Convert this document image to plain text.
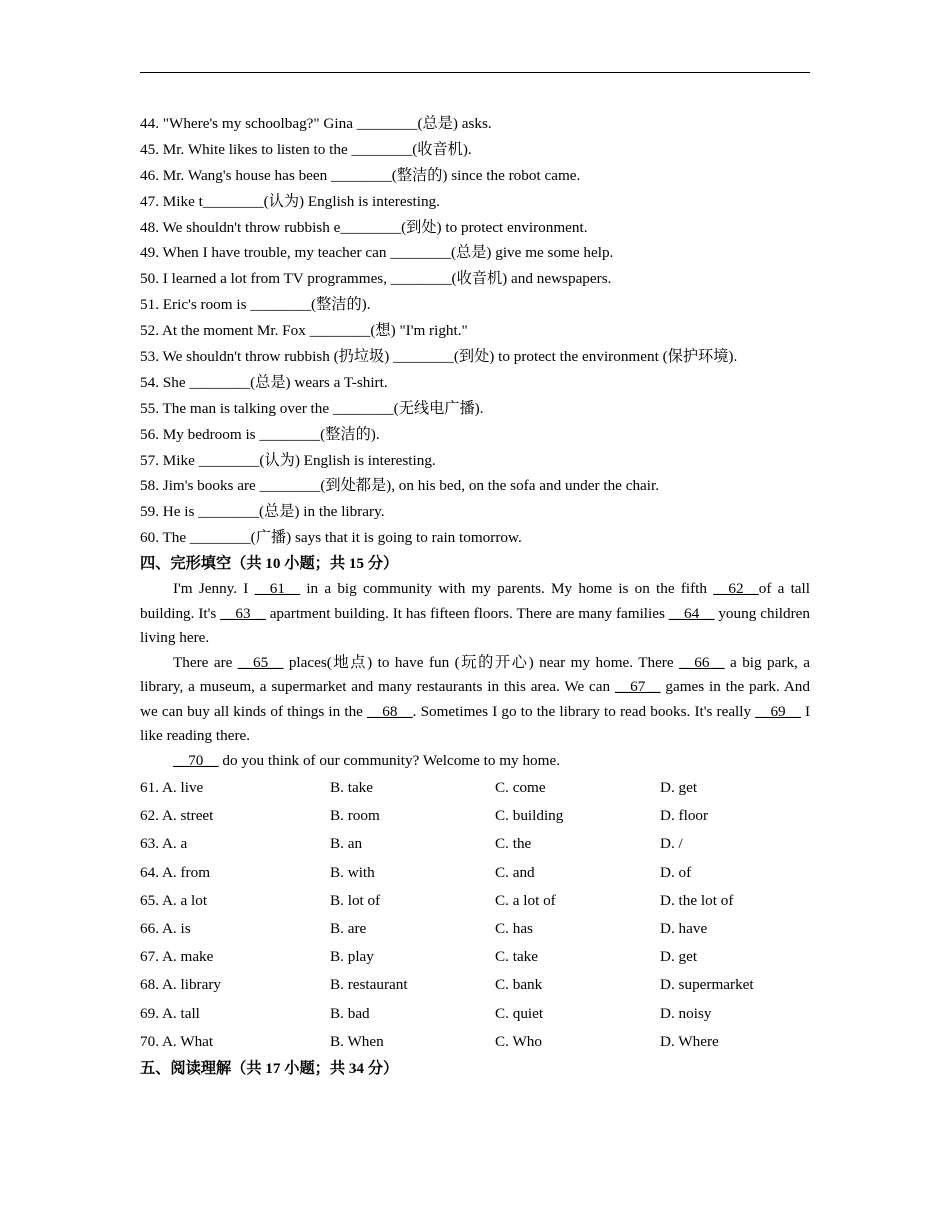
44. "Where's my schoolbag?" Gina ________(总是) asks.
45. Mr. White likes to listen to the ________(收音机).
46. Mr. Wang's house has been ________(整洁的) since the robot came.
47. Mike t________(认为) English is interesting.
48. We shouldn't throw rubbish e________(到处) to protect environment.
49. When I have trouble, my teacher can ________(总是) give me some help.
50. I learned a lot from TV programmes, ________(收音机) and newspapers.
51. Eric's room is ________(整洁的).
52. At the moment Mr. Fox ________(想) "I'm right."
53. We shouldn't throw rubbish (扔垃圾) ________(到处) to protect the environment (保护环境).
54. She ________(总是) wears a T-shirt.
55. The man is talking over the ________(无线电广播).
56. My bedroom is ________(整洁的).
57. Mike ________(认为) English is interesting.
58. Jim's books are ________(到处都是), on his bed, on the sofa and under the chair.
59. He is ________(总是) in the library.
60. The ________(广播) says that it is going to rain tomorrow.
四、完形填空（共 10 小题；共 15 分）
I'm Jenny. I __61__ in a big community with my parents. My home is on the fifth __62__of a tall building. It's __63__ apartment building. It has fifteen floors. There are many families __64__ young children living here.
There are __65__ places(地点) to have fun (玩的开心) near my home. There __66__ a big park, a library, a museum, a supermarket and many restaurants in this area. We can __67__ games in the park. And we can buy all kinds of things in the __68__. Sometimes I go to the library to read books. It's really __69__ I like reading there.
__70__ do you think of our community? Welcome to my home.
61. A. live	B. take	C. come	D. get
62. A. street	B. room	C. building	D. floor
63. A. a	B. an	C. the	D. /
64. A. from	B. with	C. and	D. of
65. A. a lot	B. lot of	C. a lot of	D. the lot of
66. A. is	B. are	C. has	D. have
67. A. make	B. play	C. take	D. get
68. A. library	B. restaurant	C. bank	D. supermarket
69. A. tall	B. bad	C. quiet	D. noisy
70. A. What	B. When	C. Who	D. Where
五、阅读理解（共 17 小题；共 34 分）
